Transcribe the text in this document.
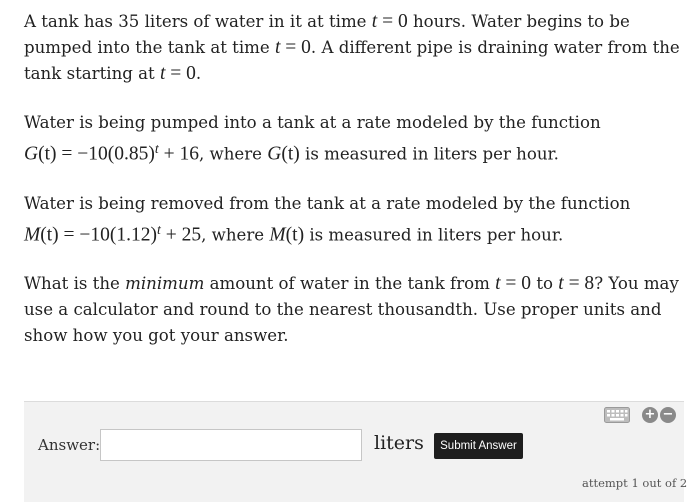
A tank has 35 liters of water in it at time t = 0 hours. Water begins to be pumped into the tank at time t = 0. A different pipe is draining water from the tank starting at t = 0.

Water is being pumped into a tank at a rate modeled by the function
$G(t) = -10(0.85)^t + 16$, where G(t) is measured in liters per hour.

Water is being removed from the tank at a rate modeled by the function
$M(t) = -10(1.12)^t + 25$, where M(t) is measured in liters per hour.

What is the minimum amount of water in the tank from t = 0 to t = 8? You may use a calculator and round to the nearest thousandth. Use proper units and show how you got your answer.

+ −
Answer:	liters	Submit Answer
attempt 1 out of 2
